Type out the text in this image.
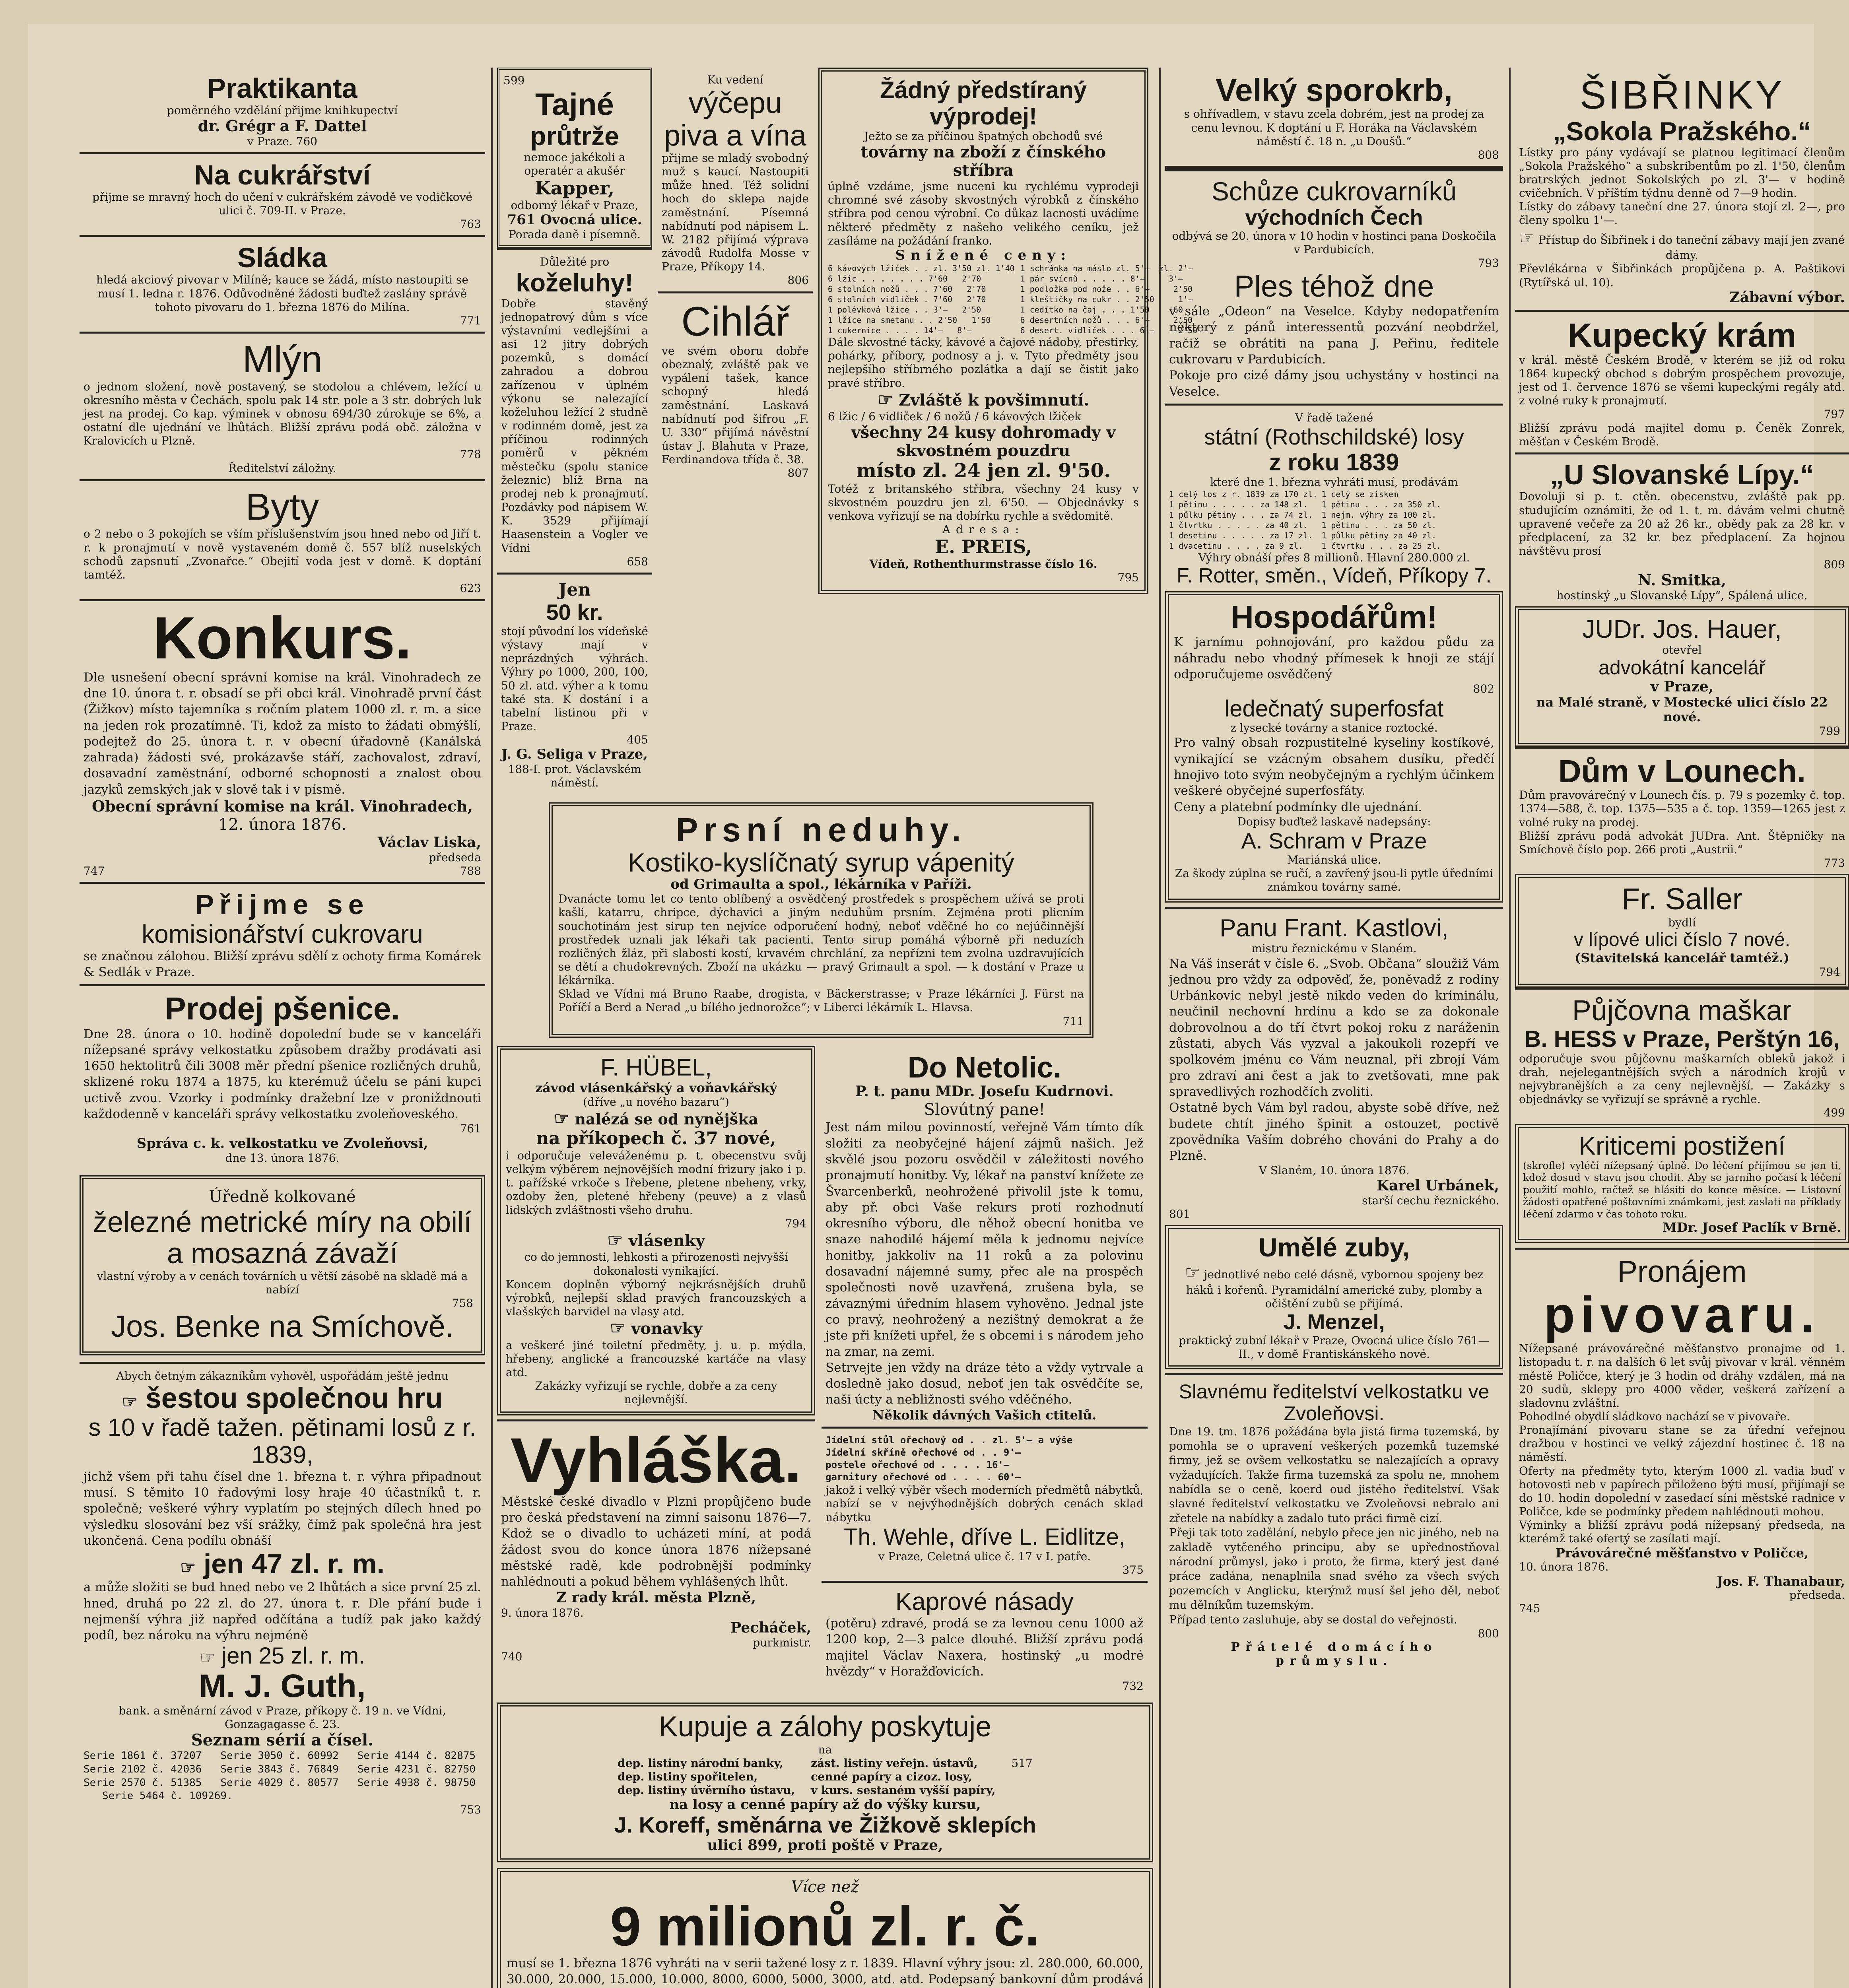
Praktikanta
poměrného vzdělání přijme knihkupectví
dr. Grégr a F. Dattel
v Praze. 760
Na cukrářství
přijme se mravný hoch do učení v cukrářském závodě ve vodičkové ulici č. 709-II. v Praze.
763
Sládka
hledá akciový pivovar v Milíně; kauce se žádá, místo nastoupiti se musí 1. ledna r. 1876. Odůvodněné žádosti buďtež zaslány správě tohoto pivovaru do 1. března 1876 do Milína.
771
Mlýn
o jednom složení, nově postavený, se stodolou a chlévem, ležící u okresního města v Čechách, spolu pak 14 str. pole a 3 str. dobrých luk jest na prodej. Co kap. výminek v obnosu 694/30 zúrokuje se 6%, a ostatní dle ujednání ve lhůtách. Bližší zprávu podá obč. záložna v Kralovicích u Plzně.
778
Ředitelství záložny.
Byty
o 2 nebo o 3 pokojích se vším příslušenstvím jsou hned nebo od Jiří t. r. k pronajmutí v nově vystaveném domě č. 557 blíž nuselských schodů zapsnutí „Zvonařce.“ Obejití voda jest v domě. K doptání tamtéž.
623
Konkurs.
Dle usnešení obecní správní komise na král. Vinohradech ze dne 10. února t. r. obsadí se při obci král. Vinohradě první část (Žižkov) místo tajemníka s ročním platem 1000 zl. r. m. a sice na jeden rok prozatímně. Ti, kdož za místo to žádati obmýšlí, podejtež do 25. února t. r. v obecní úřadovně (Kanálská zahrada) žádosti své, prokázavše stáří, zachovalost, zdraví, dosavadní zaměstnání, odborné schopnosti a znalost obou jazyků zemských jak v slově tak i v písmě.
Obecní správní komise na král. Vinohradech,
12. února 1876.
Václav Liska,
předseda
747	788
Přijme se
komisionářství cukrovaru
se značnou zálohou. Bližší zprávu sdělí z ochoty firma Komárek & Sedlák v Praze.
Prodej pšenice.
Dne 28. února o 10. hodině dopolední bude se v kanceláři nížepsané správy velkostatku způsobem dražby prodávati asi 1650 hektolitrů čili 3008 měr přední pšenice rozličných druhů, sklizené roku 1874 a 1875, ku kterémuž účelu se páni kupci uctivě zvou. Vzorky i podmínky dražební lze v proniždnouti každodenně v kanceláři správy velkostatku zvoleňoveského.
761
Správa c. k. velkostatku ve Zvoleňovsi,
dne 13. února 1876.
Úředně kolkované
železné metrické míry na obilí
a mosazná závaží
vlastní výroby a v cenách továrních u větší zásobě na skladě má a nabízí
758
Jos. Benke na Smíchově.
Abych četným zákazníkům vyhověl, uspořádám ještě jednu
☞ šestou společnou hru
s 10 v řadě tažen. pětinami losů z r. 1839,
jichž všem při tahu čísel dne 1. března t. r. výhra připadnout musí. S těmito 10 řadovými losy hraje 40 účastníků t. r. společně; veškeré výhry vyplatím po stejných dílech hned po výsledku slosování bez vší srážky, čímž pak společná hra jest ukončená. Cena podílu obnáší
☞ jen 47 zl. r. m.
a může složiti se bud hned nebo ve 2 lhůtách a sice první 25 zl. hned, druhá po 22 zl. do 27. února t. r. Dle přání bude i nejmenší výhra již napřed odčítána a tudíž pak jako každý podíl, bez nároku na výhru nejméně
☞ jen 25 zl. r. m.
M. J. Guth,
bank. a směnární závod v Praze, příkopy č. 19 n. ve Vídni, Gonzagagasse č. 23.
Seznam sérií a čísel.
Serie 1861 č. 37207   Serie 3050 č. 60992   Serie 4144 č. 82875
Serie 2102 č. 42036   Serie 3843 č. 76849   Serie 4231 č. 82750
Serie 2570 č. 51385   Serie 4029 č. 80577   Serie 4938 č. 98750
Serie 5464 č. 109269.
753
599
Tajné
průtrže
nemoce jakékoli a operatér a akušér
Kapper,
odborný lékař v Praze,
761 Ovocná ulice.
Porada daně i písemně.
Důležité pro
koželuhy!
Dobře stavěný jednopatrový dům s více výstavními vedlejšími a asi 12 jitry dobrých pozemků, s domácí zahradou a dobrou zařízenou v úplném výkonu se nalezající koželuhou ležící 2 studně v rodinném domě, jest za příčinou rodinných poměrů v pěkném městečku (spolu stanice železnic) blíž Brna na prodej neb k pronajmutí. Pozdávky pod nápisem W. K. 3529 přijímají Haasenstein a Vogler ve Vídni
658
Jen
50 kr.
stojí původní los vídeňské výstavy mají v neprázdných výhrách. Výhry po 1000, 200, 100, 50 zl. atd. výher a k tomu také sta. K dostání i a tabelní listinou při v Praze.
405
J. G. Seliga v Praze,
188-I. prot. Václavském náměstí.
Ku vedení
výčepu piva a vína
přijme se mladý svobodný muž s kaucí. Nastoupiti může hned. Též solidní hoch do sklepa najde zaměstnání. Písemná nabídnutí pod nápisem L. W. 2182 přijímá výprava závodů Rudolfa Mosse v Praze, Příkopy 14.
806
Cihlář
ve svém oboru dobře obeznalý, zvláště pak ve vypálení tašek, kance schopný hledá zaměstnání. Laskavá nabídnutí pod šifrou „F. U. 330“ přijímá návěstní ústav J. Blahuta v Praze, Ferdinandova třída č. 38.
807
Žádný předstíraný výprodej!
Ježto se za příčinou špatných obchodů své
továrny na zboží z čínského stříbra
úplně vzdáme, jsme nuceni ku rychlému vyprodeji chromné své zásoby skvostných výrobků z čínského stříbra pod cenou výrobní. Co důkaz lacnosti uvádíme některé předměty z našeho velikého ceníku, jež zasíláme na požádání franko.
Snížené ceny:
6 kávových lžiček . . zl. 3'50 zl. 1'40
6 lžic . . . . . . . 7'60   2'70
6 stolních nožů . . . 7'60   2'70
6 stolních vidliček . 7'60   2'70
1 polévková lžíce . . 3'—   2'50
1 lžíce na smetanu . . 2'50   1'50
1 cukernice . . . . 14'—   8'—
1 schránka na máslo zl. 5'—  zl. 2'—
1 pár svícnů . . . . . 8'—     3'—
1 podložka pod nože . . 6'—     2'50
1 kleštičky na cukr . . 2'50     1'—
1 cedítko na čaj . . . 1'50    '60
6 desertních nožů . . . 6'—     2'50
6 desert. vidliček . . . 6'—     2'50
Dále skvostné tácky, kávové a čajové nádoby, přestirky, pohárky, příbory, podnosy a j. v. Tyto předměty jsou nejlepšího stříbrného pozlátka a dají se čistit jako pravé stříbro.
☞ Zvláště k povšimnutí.
6 lžic / 6 vidliček / 6 nožů / 6 kávových lžiček
všechny 24 kusy dohromady v skvostném pouzdru
místo zl. 24 jen zl. 9'50.
Totéž z britanského stříbra, všechny 24 kusy v skvostném pouzdru jen zl. 6'50. — Objednávky s venkova vyřizují se na dobírku rychle a svědomitě.
Adresa:
E. PREIS,
Vídeň, Rothenthurmstrasse číslo 16.
795
Prsní neduhy.
Kostiko-kyslíčnatý syrup vápenitý
od Grimaulta a spol., lékárníka v Paříži.
Dvanácte tomu let co tento oblíbený a osvědčený prostředek s prospěchem užívá se proti kašli, katarru, chripce, dýchavici a jiným neduhům prsním. Zejména proti plicním souchotinám jest sirup ten nejvíce odporučení hodný, neboť vděčné ho co nejúčinnější prostředek uznali jak lékaři tak pacienti. Tento sirup pomáhá výborně při neduzích rozličných žláz, při slabosti kostí, krvavém chrchlání, za nepřízni tem zvolna uzdravujících se dětí a chudokrevných. Zboží na ukázku — pravý Grimault a spol. — k dostání v Praze u lékárníka.
Sklad ve Vídni má Bruno Raabe, drogista, v Bäckerstrasse; v Praze lékárníci J. Fürst na Poříčí a Berd a Nerad „u bílého jednorožce“; v Liberci lékárník L. Hlavsa.
711
F. HÜBEL,
závod vlásenkářský a voňavkářský
(dříve „u nového bazaru“)
☞ nalézá se od nynějška
na příkopech č. 37 nové,
i odporučuje veleváženému p. t. obecenstvu svůj velkým výběrem nejnovějších modní frizury jako i p. t. pařížské vrkoče s Iřebene, pletene nbeheny, vrky, ozdoby žen, pletené hřebeny (peuve) a z vlasů lidských zvláštnosti všeho druhu.
794
☞ vlásenky
co do jemnosti, lehkosti a přirozenosti nejvyšší dokonalosti vynikající.
Koncem doplněn výborný nejkrásnějších druhů výrobků, nejlepší sklad pravých francouzských a vlašských barvidel na vlasy atd.
☞ vonavky
a veškeré jiné toiletní předměty, j. u. p. mýdla, hřebeny, anglické a francouzské kartáče na vlasy atd.
Zakázky vyřizují se rychle, dobře a za ceny nejlevnější.
Vyhláška.
Městské české divadlo v Plzni propůjčeno bude pro česká představení na zimní saisonu 1876—7. Kdož se o divadlo to ucházeti míní, at podá žádost svou do konce února 1876 nížepsané městské radě, kde podrobnější podmínky nahlédnouti a pokud během vyhlášených lhůt.
Z rady král. města Plzně,
9. února 1876.
Pecháček,
purkmistr.
740
Do Netolic.
P. t. panu MDr. Josefu Kudrnovi.
Slovútný pane!
Jest nám milou povinností, veřejně Vám tímto dík složiti za neobyčejné hájení zájmů našich. Jež skvělé jsou pozoru osvědčil v záležitosti nového pronajmutí honitby. Vy, lékař na panství knížete ze Švarcenberků, neohrožené přivolil jste k tomu, aby př. obci Vaše rekurs proti rozhodnutí okresního výboru, dle něhož obecní honitba ve snaze nahodilé hájemí měla k jednomu nejvíce honitby, jakkoliv na 11 roků a za polovinu dosavadní nájemné sumy, přec ale na prospěch společnosti nově uzavřená, zrušena byla, se závaznými úředním hlasem vyhověno. Jednal jste co pravý, neohrožený a nezištný demokrat a že jste při knížeti upřel, že s obcemi i s národem jeho na zmar, na zemi.
Setrvejte jen vždy na dráze této a vždy vytrvale a dosledně jako dosud, neboť jen tak osvědčíte se, naši úcty a nebližnosti svého vděčného.
Několik dávných Vašich ctitelů.
Jídelní stůl ořechový od . . zl. 5'— a výše
Jídelní skříně ořechové od . . 9'—
postele ořechové od . . . . 16'—
garnitury ořechové od . . . . 60'—
jakož i velký výběr všech moderních předmětů nábytků, nabízí se v nejvýhodnějších dobrých cenách sklad nábytku
Th. Wehle, dříve L. Eidlitze,
v Praze, Celetná ulice č. 17 v I. patře.
375
Kaprové násady
(potěru) zdravé, prodá se za levnou cenu 1000 až 1200 kop, 2—3 palce dlouhé. Bližší zprávu podá majitel Václav Naxera, hostinský „u modré hvězdy“ v Horažďovicích.
732
Kupuje a zálohy poskytuje
na
dep. listiny národní banky,
dep. listiny spořitelen,
dep. listiny úvěrního ústavu,
zást. listiny veřejn. ústavů,
cenné papíry a cizoz. losy,
v kurs. sestaném vyšší papíry,
517
na losy a cenné papíry až do výšky kursu,
J. Koreff, směnárna ve Žižkově sklepích
ulici 899, proti poště v Praze,
Více než
9 milionů zl. r. č.
musí se 1. března 1876 vyhráti na v serii tažené losy z r. 1839. Hlavní výhry jsou: zl. 280.000, 60.000, 30.000, 20.000, 15.000, 10.000, 8000, 6000, 5000, 3000, atd. atd. Podepsaný bankovní dům prodává
Velký sporokrb,
s ohřívadlem, v stavu zcela dobrém, jest na prodej za cenu levnou. K doptání u F. Horáka na Václavském náměstí č. 18 n. „u Doušů.“
808
Schůze cukrovarníků
východních Čech
odbývá se 20. února v 10 hodin v hostinci pana Doskočila v Pardubicích.
793
Ples téhož dne
v sále „Odeon“ na Veselce. Kdyby nedopatřením některý z pánů interessentů pozvání neobdržel, račiž se obrátiti na pana J. Peřinu, ředitele cukrovaru v Pardubicích.
Pokoje pro cizé dámy jsou uchystány v hostinci na Veselce.
V řadě tažené
státní (Rothschildské) losy
z roku 1839
které dne 1. března vyhráti musí, prodávám
1 celý los z r. 1839 za 170 zl.
1 pětinu . . . . . za 148 zl.
1 půlku pětiny . . . za 74 zl.
1 čtvrtku . . . . . za 40 zl.
1 desetinu . . . . . za 17 zl.
1 dvacetinu . . . . za 9 zl.
1 celý se ziskem
1 pětinu . . . za 350 zl.
1 nejm. výhry za 100 zl.
1 pětinu . . . za 50 zl.
1 půlku pětiny za 40 zl.
1 čtvrtku . . . za 25 zl.
Výhry obnáší přes 8 millionů. Hlavní 280.000 zl.
F. Rotter, směn., Vídeň, Příkopy 7.
Hospodářům!
K jarnímu pohnojování, pro každou půdu za náhradu nebo vhodný přímesek k hnoji ze stájí odporučujeme osvědčený
802
ledečnatý superfosfat
z lysecké továrny a stanice roztocké.
Pro valný obsah rozpustitelné kyseliny kostíkové, vynikající se vzácným obsahem dusíku, předčí hnojivo toto svým neobyčejným a rychlým účinkem veškeré obyčejné superfosfáty.
Ceny a platební podmínky dle ujednání.
Dopisy buďtež laskavě nadepsány:
A. Schram v Praze
Mariánská ulice.
Za škody zúplna se ručí, a zavřený jsou-li pytle úředními známkou továrny samé.
Panu Frant. Kastlovi,
mistru řeznickému v Slaném.
Na Váš inserát v čísle 6. „Svob. Občana“ sloužiž Vám jednou pro vždy za odpověď, že, poněvadž z rodiny Urbánkovic nebyl jestě nikdo veden do kriminálu, neučinil nechovní hrdinu a kdo se za dokonale dobrovolnou a do tří čtvrt pokoj roku z naráženin zůstati, abych Vás vyzval a jakoukoli rozepří ve spolkovém jménu co Vám neuznal, při zbrojí Vám pro zdraví ani čest a jak to zvetšovati, mne pak spravedlivých rozhodčích zvoliti.
Ostatně bych Vám byl radou, abyste sobě dříve, než budete chtít jiného špinit a ostouzet, poctivě zpovědníka Vaším dobrého chováni do Prahy a do Plzně.
V Slaném, 10. února 1876.
Karel Urbánek,
starší cechu řeznického.
801
Umělé zuby,
☞ jednotlivé nebo celé dásně, vybornou spojeny bez háků i kořenů. Pyramidální americké zuby, plomby a očištění zubů se přijímá.
J. Menzel,
praktický zubní lékař v Praze, Ovocná ulice číslo 761—II., v domě Frantiskánského nové.
Slavnému ředitelství velkostatku ve Zvoleňovsi.
Dne 19. tm. 1876 požádána byla jistá firma tuzemská, by pomohla se o upravení veškerých pozemků tuzemské firmy, jež se ovšem velkostatku se nalezajících a opravy vyžadujících. Takže firma tuzemská za spolu ne, mnohem nabídla se o ceně, koerd oud jistého ředitelství. Však slavné ředitelství velkostatku ve Zvoleňovsi nebralo ani zřetele na nabídky a zadalo tuto práci firmě cizí.
Přeji tak toto zadělání, nebylo přece jen nic jiného, neb na zakladě vytčeného principu, aby se upřednostňoval národní průmysl, jako i proto, že firma, který jest dané práce zadána, nenaplnila snad svého za všech svých pozemcích v Anglicku, kterýmž musí šel jeho děl, neboť mu dělníkům tuzemským.
Případ tento zasluhuje, aby se dostal do veřejnosti.
800
Přátelé domácího průmyslu.
ŠIBŘINKY
„Sokola Pražského.“
Lístky pro pány vydávají se platnou legitimací členům „Sokola Pražského“ a subskribentům po zl. 1'50, členům bratrských jednot Sokolských po zl. 3'— v hodině cvičebních. V příštím týdnu denně od 7—9 hodin.
Lístky do zábavy taneční dne 27. února stojí zl. 2—, pro členy spolku 1'—.
☞ Přístup do Šibřinek i do taneční zábavy mají jen zvané dámy.
Převlékárna v Šibřinkách propůjčena p. A. Paštikovi (Rytířská ul. 10).
Zábavní výbor.
Kupecký krám
v král. městě Českém Brodě, v kterém se již od roku 1864 kupecký obchod s dobrým prospěchem provozuje, jest od 1. července 1876 se všemi kupeckými regály atd. z volné ruky k pronajmutí.
797
Bližší zprávu podá majitel domu p. Čeněk Zonrek, měšťan v Českém Brodě.
„U Slovanské Lípy.“
Dovoluji si p. t. ctěn. obecenstvu, zvláště pak pp. studujícím oznámiti, že od 1. t. m. dávám velmi chutně upravené večeře za 20 až 26 kr., obědy pak za 28 kr. v předplacení, za 32 kr. bez předplacení. Za hojnou návštěvu prosí
809
N. Smitka,
hostinský „u Slovanské Lípy“, Spálená ulice.
JUDr. Jos. Hauer,
otevřel
advokátní kancelář
v Praze,
na Malé straně, v Mostecké ulici číslo 22 nové.
799
Dům v Lounech.
Dům pravovárečný v Lounech čís. p. 79 s pozemky č. top. 1374—588, č. top. 1375—535 a č. top. 1359—1265 jest z volné ruky na prodej.
Bližší zprávu podá advokát JUDra. Ant. Štěpničky na Smíchově číslo pop. 266 proti „Austrii.“
773
Fr. Saller
bydlí
v lípové ulici číslo 7 nové.
(Stavitelská kancelář tamtéž.)
794
Půjčovna maškar
B. HESS v Praze, Perštýn 16,
odporučuje svou půjčovnu maškarních obleků jakož i drah, nejelegantnějších svých a národních krojů v nejvybranějších a za ceny nejlevnější. — Zakázky s objednávky se vyřizují se správně a rychle.
499
Kriticemi postižení
(skrofle) vyléčí nížepsaný úplně. Do léčení přijímou se jen ti, kdož dosud v stavu jsou chodit. Aby se jarního počasí k léčení použití mohlo, račtež se hlásiti do konce měsíce. — Listovní žádosti opatřené poštovními známkami, jest zaslati na příklady léčení zdarmo v čas tohoto roku.
MDr. Josef Paclík v Brně.
Pronájem
pivovaru.
Nížepsané právovárečné měšťanstvo pronajme od 1. listopadu t. r. na dalších 6 let svůj pivovar v král. věnném městě Poličce, který je 3 hodin od dráhy vzdálen, má na 20 sudů, sklepy pro 4000 věder, veškerá zařízení a sladovnu zvláštní.
Pohodlné obydlí sládkovo nachází se v pivovaře.
Pronajímání pivovaru stane se za úřední veřejnou dražbou v hostinci ve velký zájezdní hostinec č. 18 na náměstí.
Oferty na předměty tyto, kterým 1000 zl. vadia buď v hotovosti neb v papírech přiloženo býti musí, přijímají se do 10. hodin dopolední v zasedací síni městské radnice v Poličce, kde se podmínky předem nahlédnouti mohou.
Výminky a bližší zprávu podá nížepsaný předseda, na kterémž také ofertý se zasílati mají.
Právovárečné měšťanstvo v Poličce,
10. února 1876.
Jos. F. Thanabaur,
předseda.
745
